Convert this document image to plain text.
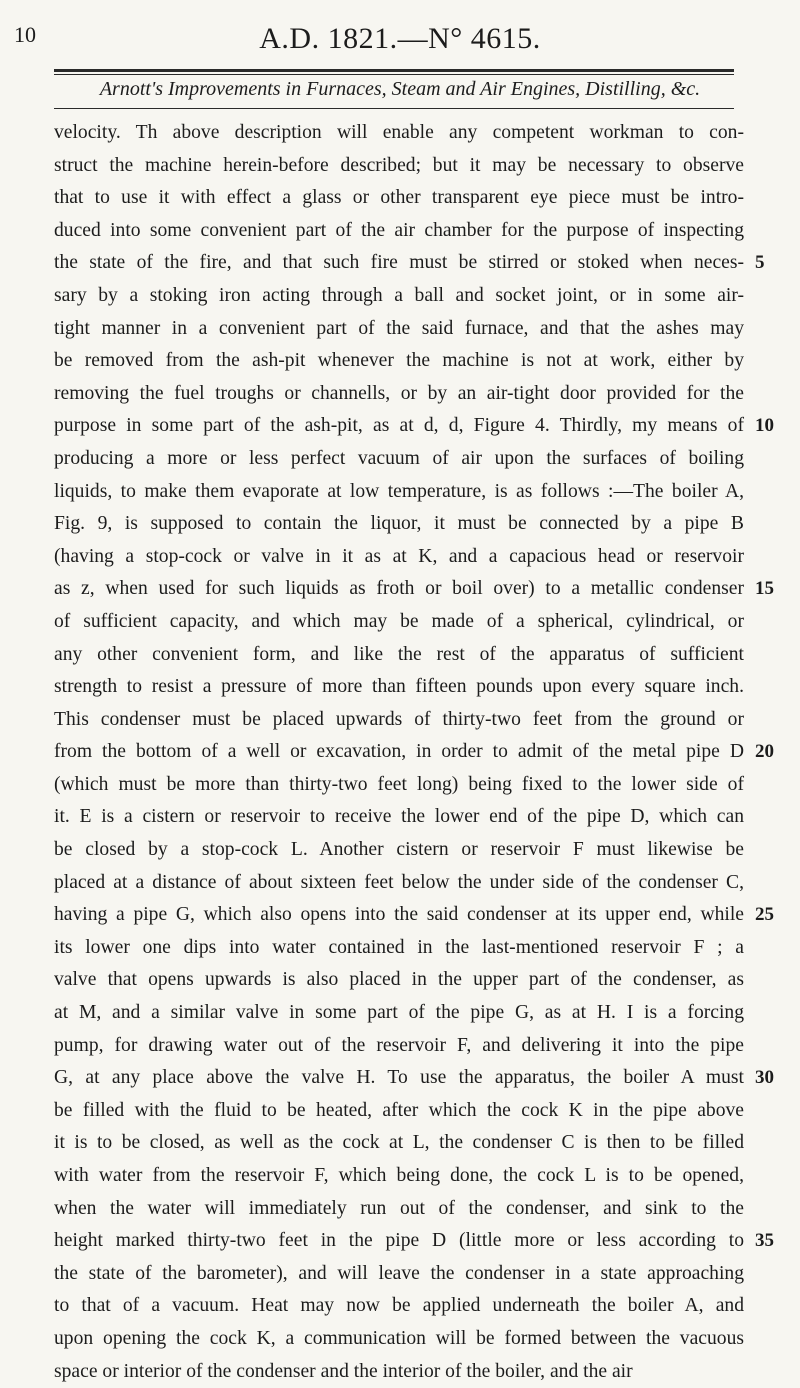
10	A.D. 1821.—N° 4615.
Arnott's Improvements in Furnaces, Steam and Air Engines, Distilling, &c.
velocity. Th above description will enable any competent workman to con-
struct the machine herein-before described; but it may be necessary to observe
that to use it with effect a glass or other transparent eye piece must be intro-
duced into some convenient part of the air chamber for the purpose of inspecting
the state of the fire, and that such fire must be stirred or stoked when neces-
sary by a stoking iron acting through a ball and socket joint, or in some air-
tight manner in a convenient part of the said furnace, and that the ashes may
be removed from the ash-pit whenever the machine is not at work, either by
removing the fuel troughs or channells, or by an air-tight door provided for the
purpose in some part of the ash-pit, as at d, d, Figure 4. Thirdly, my means of
producing a more or less perfect vacuum of air upon the surfaces of boiling
liquids, to make them evaporate at low temperature, is as follows :—The boiler A,
Fig. 9, is supposed to contain the liquor, it must be connected by a pipe B
(having a stop-cock or valve in it as at K, and a capacious head or reservoir
as z, when used for such liquids as froth or boil over) to a metallic condenser
of sufficient capacity, and which may be made of a spherical, cylindrical, or
any other convenient form, and like the rest of the apparatus of sufficient
strength to resist a pressure of more than fifteen pounds upon every square inch.
This condenser must be placed upwards of thirty-two feet from the ground or
from the bottom of a well or excavation, in order to admit of the metal pipe D
(which must be more than thirty-two feet long) being fixed to the lower side of
it. E is a cistern or reservoir to receive the lower end of the pipe D, which can
be closed by a stop-cock L. Another cistern or reservoir F must likewise be
placed at a distance of about sixteen feet below the under side of the condenser C,
having a pipe G, which also opens into the said condenser at its upper end, while
its lower one dips into water contained in the last-mentioned reservoir F ; a
valve that opens upwards is also placed in the upper part of the condenser, as
at M, and a similar valve in some part of the pipe G, as at H. I is a forcing
pump, for drawing water out of the reservoir F, and delivering it into the pipe
G, at any place above the valve H. To use the apparatus, the boiler A must
be filled with the fluid to be heated, after which the cock K in the pipe above
it is to be closed, as well as the cock at L, the condenser C is then to be filled
with water from the reservoir F, which being done, the cock L is to be opened,
when the water will immediately run out of the condenser, and sink to the
height marked thirty-two feet in the pipe D (little more or less according to
the state of the barometer), and will leave the condenser in a state approaching
to that of a vacuum. Heat may now be applied underneath the boiler A, and
upon opening the cock K, a communication will be formed between the vacuous
space or interior of the condenser and the interior of the boiler, and the air
5
10
15
20
25
30
35
